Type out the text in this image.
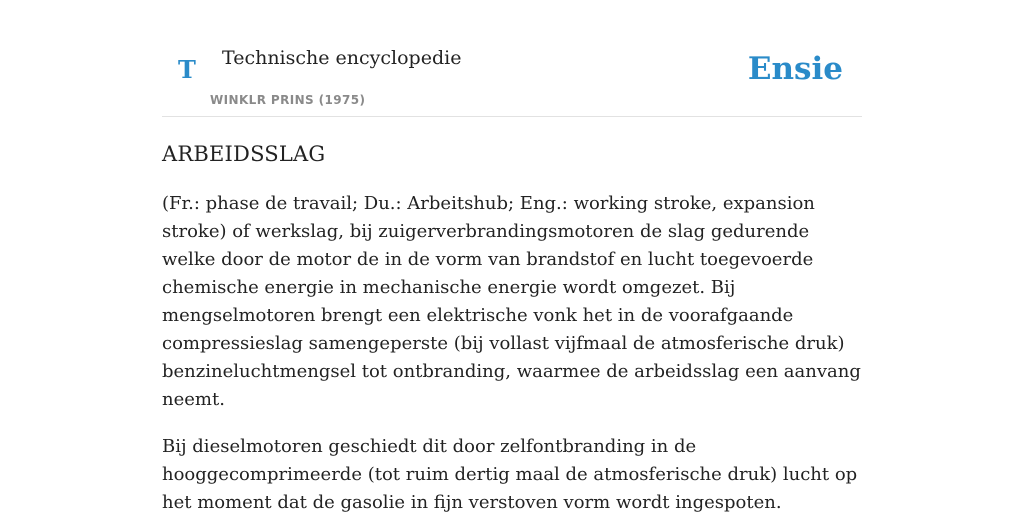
T Technische encyclopedie
WINKLR PRINS (1975)
Ensie
ARBEIDSSLAG

(Fr.: phase de travail; Du.: Arbeitshub; Eng.: working stroke, expansion stroke) of werkslag, bij zuigerverbrandingsmotoren de slag gedurende welke door de motor de in de vorm van brandstof en lucht toegevoerde chemische energie in mechanische energie wordt omgezet. Bij mengselmotoren brengt een elektrische vonk het in de voorafgaande compressieslag samengeperste (bij vollast vijfmaal de atmosferische druk) benzineluchtmengsel tot ontbranding, waarmee de arbeidsslag een aanvang neemt.

Bij dieselmotoren geschiedt dit door zelfontbranding in de hooggecomprimeerde (tot ruim dertig maal de atmosferische druk) lucht op het moment dat de gasolie in fijn verstoven vorm wordt ingespoten.
